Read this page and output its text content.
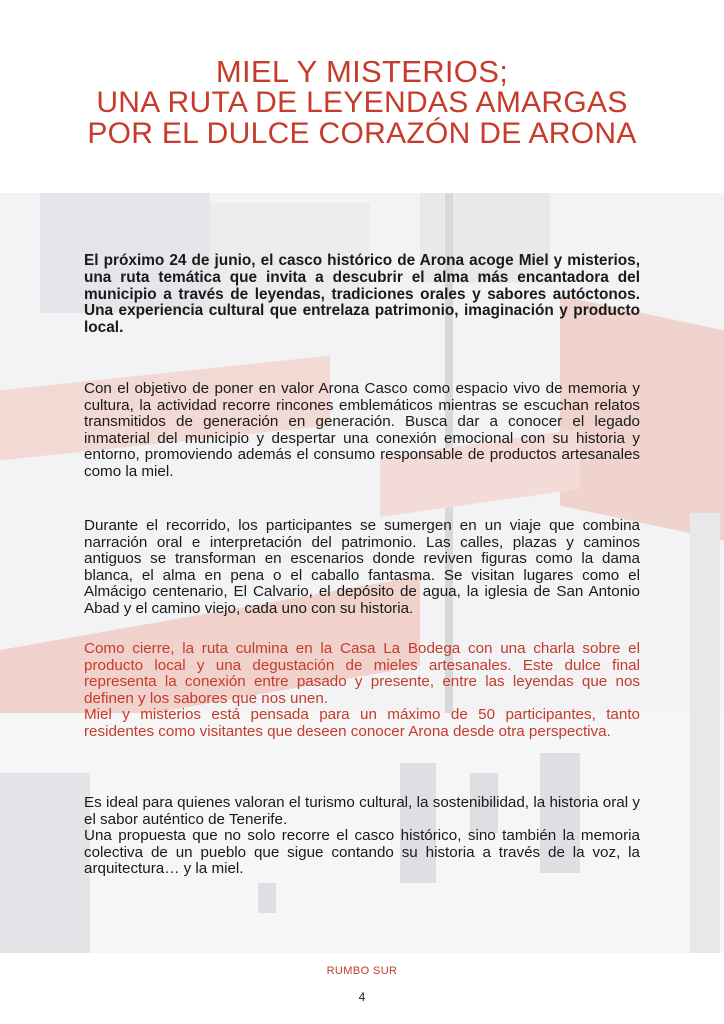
MIEL Y MISTERIOS;
UNA RUTA DE LEYENDAS AMARGAS
POR EL DULCE CORAZÓN DE ARONA

El próximo 24 de junio, el casco histórico de Arona acoge Miel y misterios, una ruta temática que invita a descubrir el alma más encantadora del municipio a través de leyendas, tradiciones orales y sabores autóctonos. Una experiencia cultural que entrelaza patrimonio, imaginación y producto local.

Con el objetivo de poner en valor Arona Casco como espacio vivo de memoria y cultura, la actividad recorre rincones emblemáticos mientras se escuchan relatos transmitidos de generación en generación. Busca dar a conocer el legado inmaterial del municipio y despertar una conexión emocional con su historia y entorno, promoviendo además el consumo responsable de productos artesanales como la miel.

Durante el recorrido, los participantes se sumergen en un viaje que combina narración oral e interpretación del patrimonio. Las calles, plazas y caminos antiguos se transforman en escenarios donde reviven figuras como la dama blanca, el alma en pena o el caballo fantasma. Se visitan lugares como el Almácigo centenario, El Calvario, el depósito de agua, la iglesia de San Antonio Abad y el camino viejo, cada uno con su historia.

Como cierre, la ruta culmina en la Casa La Bodega con una charla sobre el producto local y una degustación de mieles artesanales. Este dulce final representa la conexión entre pasado y presente, entre las leyendas que nos definen y los sabores que nos unen.

Miel y misterios está pensada para un máximo de 50 participantes, tanto residentes como visitantes que deseen conocer Arona desde otra perspectiva.

Es ideal para quienes valoran el turismo cultural, la sostenibilidad, la historia oral y el sabor auténtico de Tenerife.

Una propuesta que no solo recorre el casco histórico, sino también la memoria colectiva de un pueblo que sigue contando su historia a través de la voz, la arquitectura… y la miel.

RUMBO SUR
4
